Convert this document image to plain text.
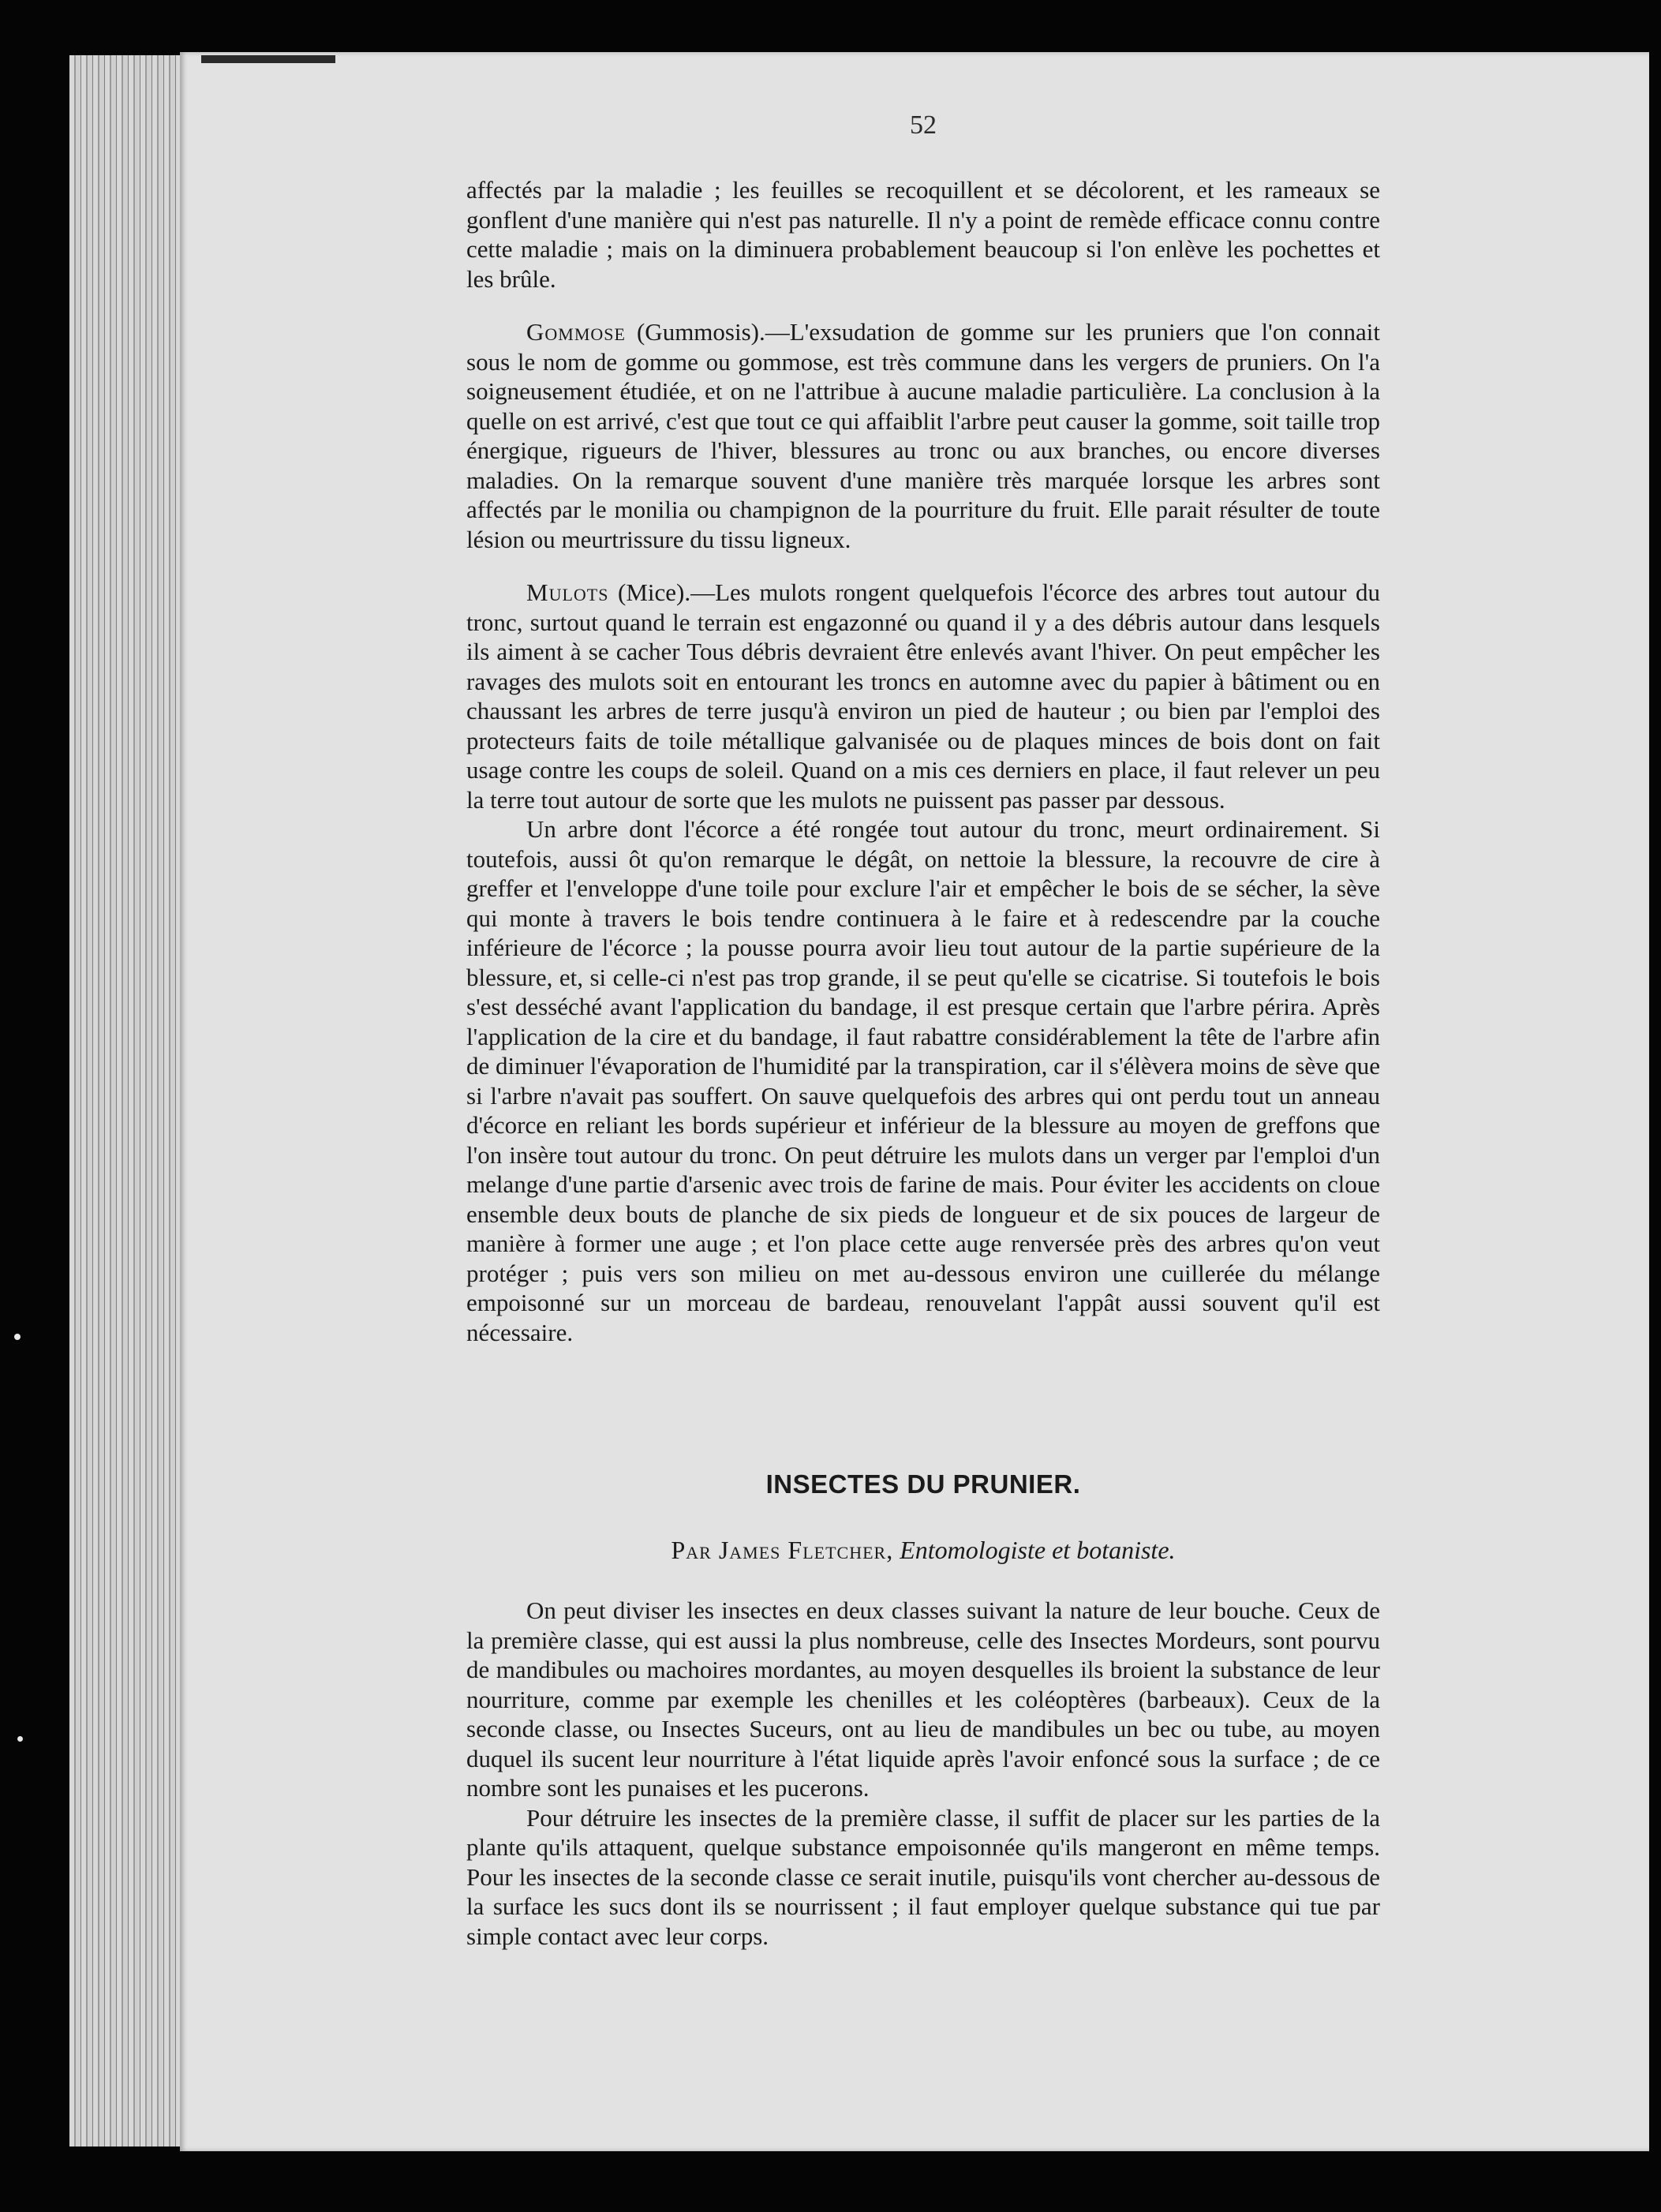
52

affectés par la maladie ; les feuilles se recoquillent et se décolorent, et les rameaux se gonflent d'une manière qui n'est pas naturelle. Il n'y a point de remède efficace connu contre cette maladie ; mais on la diminuera probablement beaucoup si l'on enlève les pochettes et les brûle.

Gommose (Gummosis).—L'exsudation de gomme sur les pruniers que l'on connait sous le nom de gomme ou gommose, est très commune dans les vergers de pruniers. On l'a soigneusement étudiée, et on ne l'attribue à aucune maladie particulière. La conclusion à la quelle on est arrivé, c'est que tout ce qui affaiblit l'arbre peut causer la gomme, soit taille trop énergique, rigueurs de l'hiver, blessures au tronc ou aux branches, ou encore diverses maladies. On la remarque souvent d'une manière très marquée lorsque les arbres sont affectés par le monilia ou champignon de la pourriture du fruit. Elle parait résulter de toute lésion ou meurtrissure du tissu ligneux.

Mulots (Mice).—Les mulots rongent quelquefois l'écorce des arbres tout autour du tronc, surtout quand le terrain est engazonné ou quand il y a des débris autour dans lesquels ils aiment à se cacher Tous débris devraient être enlevés avant l'hiver. On peut empêcher les ravages des mulots soit en entourant les troncs en automne avec du papier à bâtiment ou en chaussant les arbres de terre jusqu'à environ un pied de hauteur ; ou bien par l'emploi des protecteurs faits de toile métallique galvanisée ou de plaques minces de bois dont on fait usage contre les coups de soleil. Quand on a mis ces derniers en place, il faut relever un peu la terre tout autour de sorte que les mulots ne puissent pas passer par dessous.

Un arbre dont l'écorce a été rongée tout autour du tronc, meurt ordinairement. Si toutefois, aussi ôt qu'on remarque le dégât, on nettoie la blessure, la recouvre de cire à greffer et l'enveloppe d'une toile pour exclure l'air et empêcher le bois de se sécher, la sève qui monte à travers le bois tendre continuera à le faire et à redescendre par la couche inférieure de l'écorce ; la pousse pourra avoir lieu tout autour de la partie supérieure de la blessure, et, si celle-ci n'est pas trop grande, il se peut qu'elle se cicatrise. Si toutefois le bois s'est desséché avant l'application du bandage, il est presque certain que l'arbre périra. Après l'application de la cire et du bandage, il faut rabattre considérablement la tête de l'arbre afin de diminuer l'évaporation de l'humidité par la transpiration, car il s'élèvera moins de sève que si l'arbre n'avait pas souffert. On sauve quelquefois des arbres qui ont perdu tout un anneau d'écorce en reliant les bords supérieur et inférieur de la blessure au moyen de greffons que l'on insère tout autour du tronc. On peut détruire les mulots dans un verger par l'emploi d'un melange d'une partie d'arsenic avec trois de farine de mais. Pour éviter les accidents on cloue ensemble deux bouts de planche de six pieds de longueur et de six pouces de largeur de manière à former une auge ; et l'on place cette auge renversée près des arbres qu'on veut protéger ; puis vers son milieu on met au-dessous environ une cuillerée du mélange empoisonné sur un morceau de bardeau, renouvelant l'appât aussi souvent qu'il est nécessaire.

INSECTES DU PRUNIER.
Par James Fletcher, Entomologiste et botaniste.

On peut diviser les insectes en deux classes suivant la nature de leur bouche. Ceux de la première classe, qui est aussi la plus nombreuse, celle des Insectes Mordeurs, sont pourvu de mandibules ou machoires mordantes, au moyen desquelles ils broient la substance de leur nourriture, comme par exemple les chenilles et les coléoptères (barbeaux). Ceux de la seconde classe, ou Insectes Suceurs, ont au lieu de mandibules un bec ou tube, au moyen duquel ils sucent leur nourriture à l'état liquide après l'avoir enfoncé sous la surface ; de ce nombre sont les punaises et les pucerons.

Pour détruire les insectes de la première classe, il suffit de placer sur les parties de la plante qu'ils attaquent, quelque substance empoisonnée qu'ils mangeront en même temps. Pour les insectes de la seconde classe ce serait inutile, puisqu'ils vont chercher au-dessous de la surface les sucs dont ils se nourrissent ; il faut employer quelque substance qui tue par simple contact avec leur corps.
